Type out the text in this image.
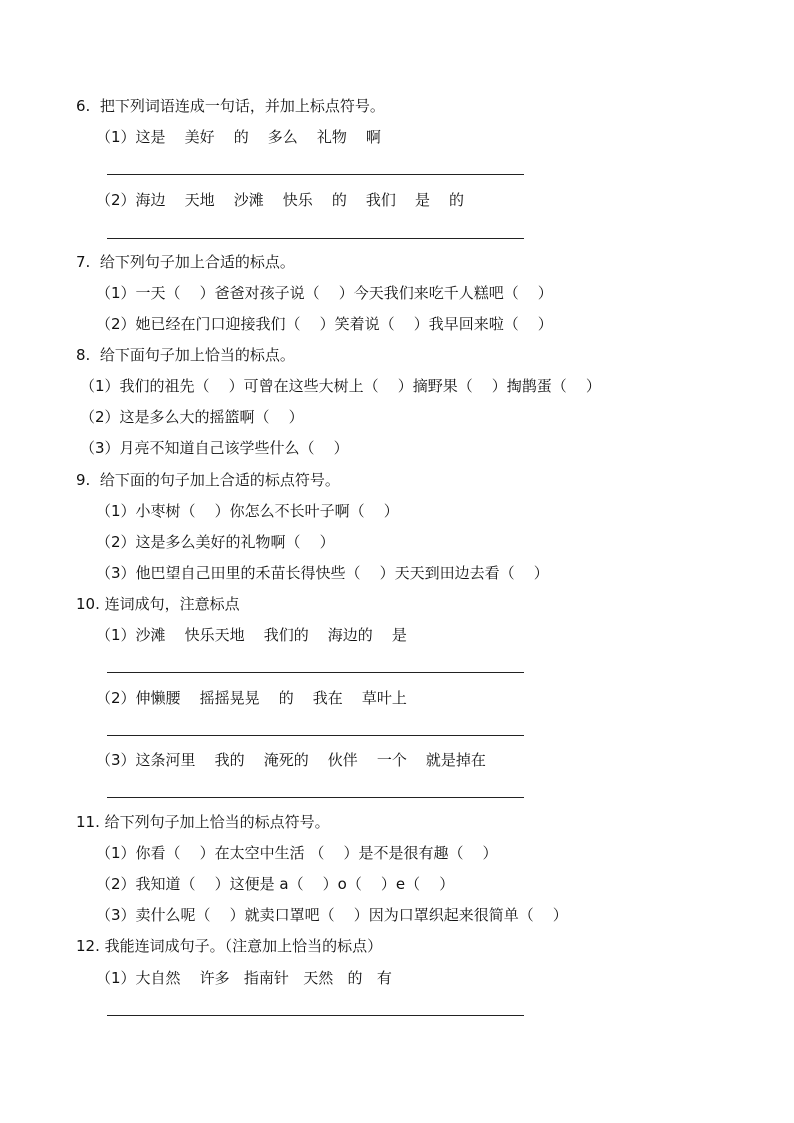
6.  把下列词语连成一句话，并加上标点符号。
（1）这是    美好    的    多么    礼物    啊
（2）海边    天地    沙滩    快乐    的    我们    是    的
7.  给下列句子加上合适的标点。
（1）一天（    ）爸爸对孩子说（    ）今天我们来吃千人糕吧（    ）
（2）她已经在门口迎接我们（    ）笑着说（    ）我早回来啦（    ）
8.  给下面句子加上恰当的标点。
（1）我们的祖先（    ）可曾在这些大树上（    ）摘野果（    ）掏鹊蛋（    ）
（2）这是多么大的摇篮啊（    ）
（3）月亮不知道自己该学些什么（    ）
9.  给下面的句子加上合适的标点符号。
（1）小枣树（    ）你怎么不长叶子啊（    ）
（2）这是多么美好的礼物啊（    ）
（3）他巴望自己田里的禾苗长得快些（    ）天天到田边去看（    ）
10. 连词成句，注意标点
（1）沙滩    快乐天地    我们的    海边的    是
（2）伸懒腰    摇摇晃晃    的    我在    草叶上
（3）这条河里    我的    淹死的    伙伴    一个    就是掉在
11. 给下列句子加上恰当的标点符号。
（1）你看（    ）在太空中生活 （    ）是不是很有趣（    ）
（2）我知道（    ）这便是 a（    ）o（    ）e（    ）
（3）卖什么呢（    ）就卖口罩吧（    ）因为口罩织起来很简单（    ）
12. 我能连词成句子。（注意加上恰当的标点）
（1）大自然    许多   指南针   天然   的   有
